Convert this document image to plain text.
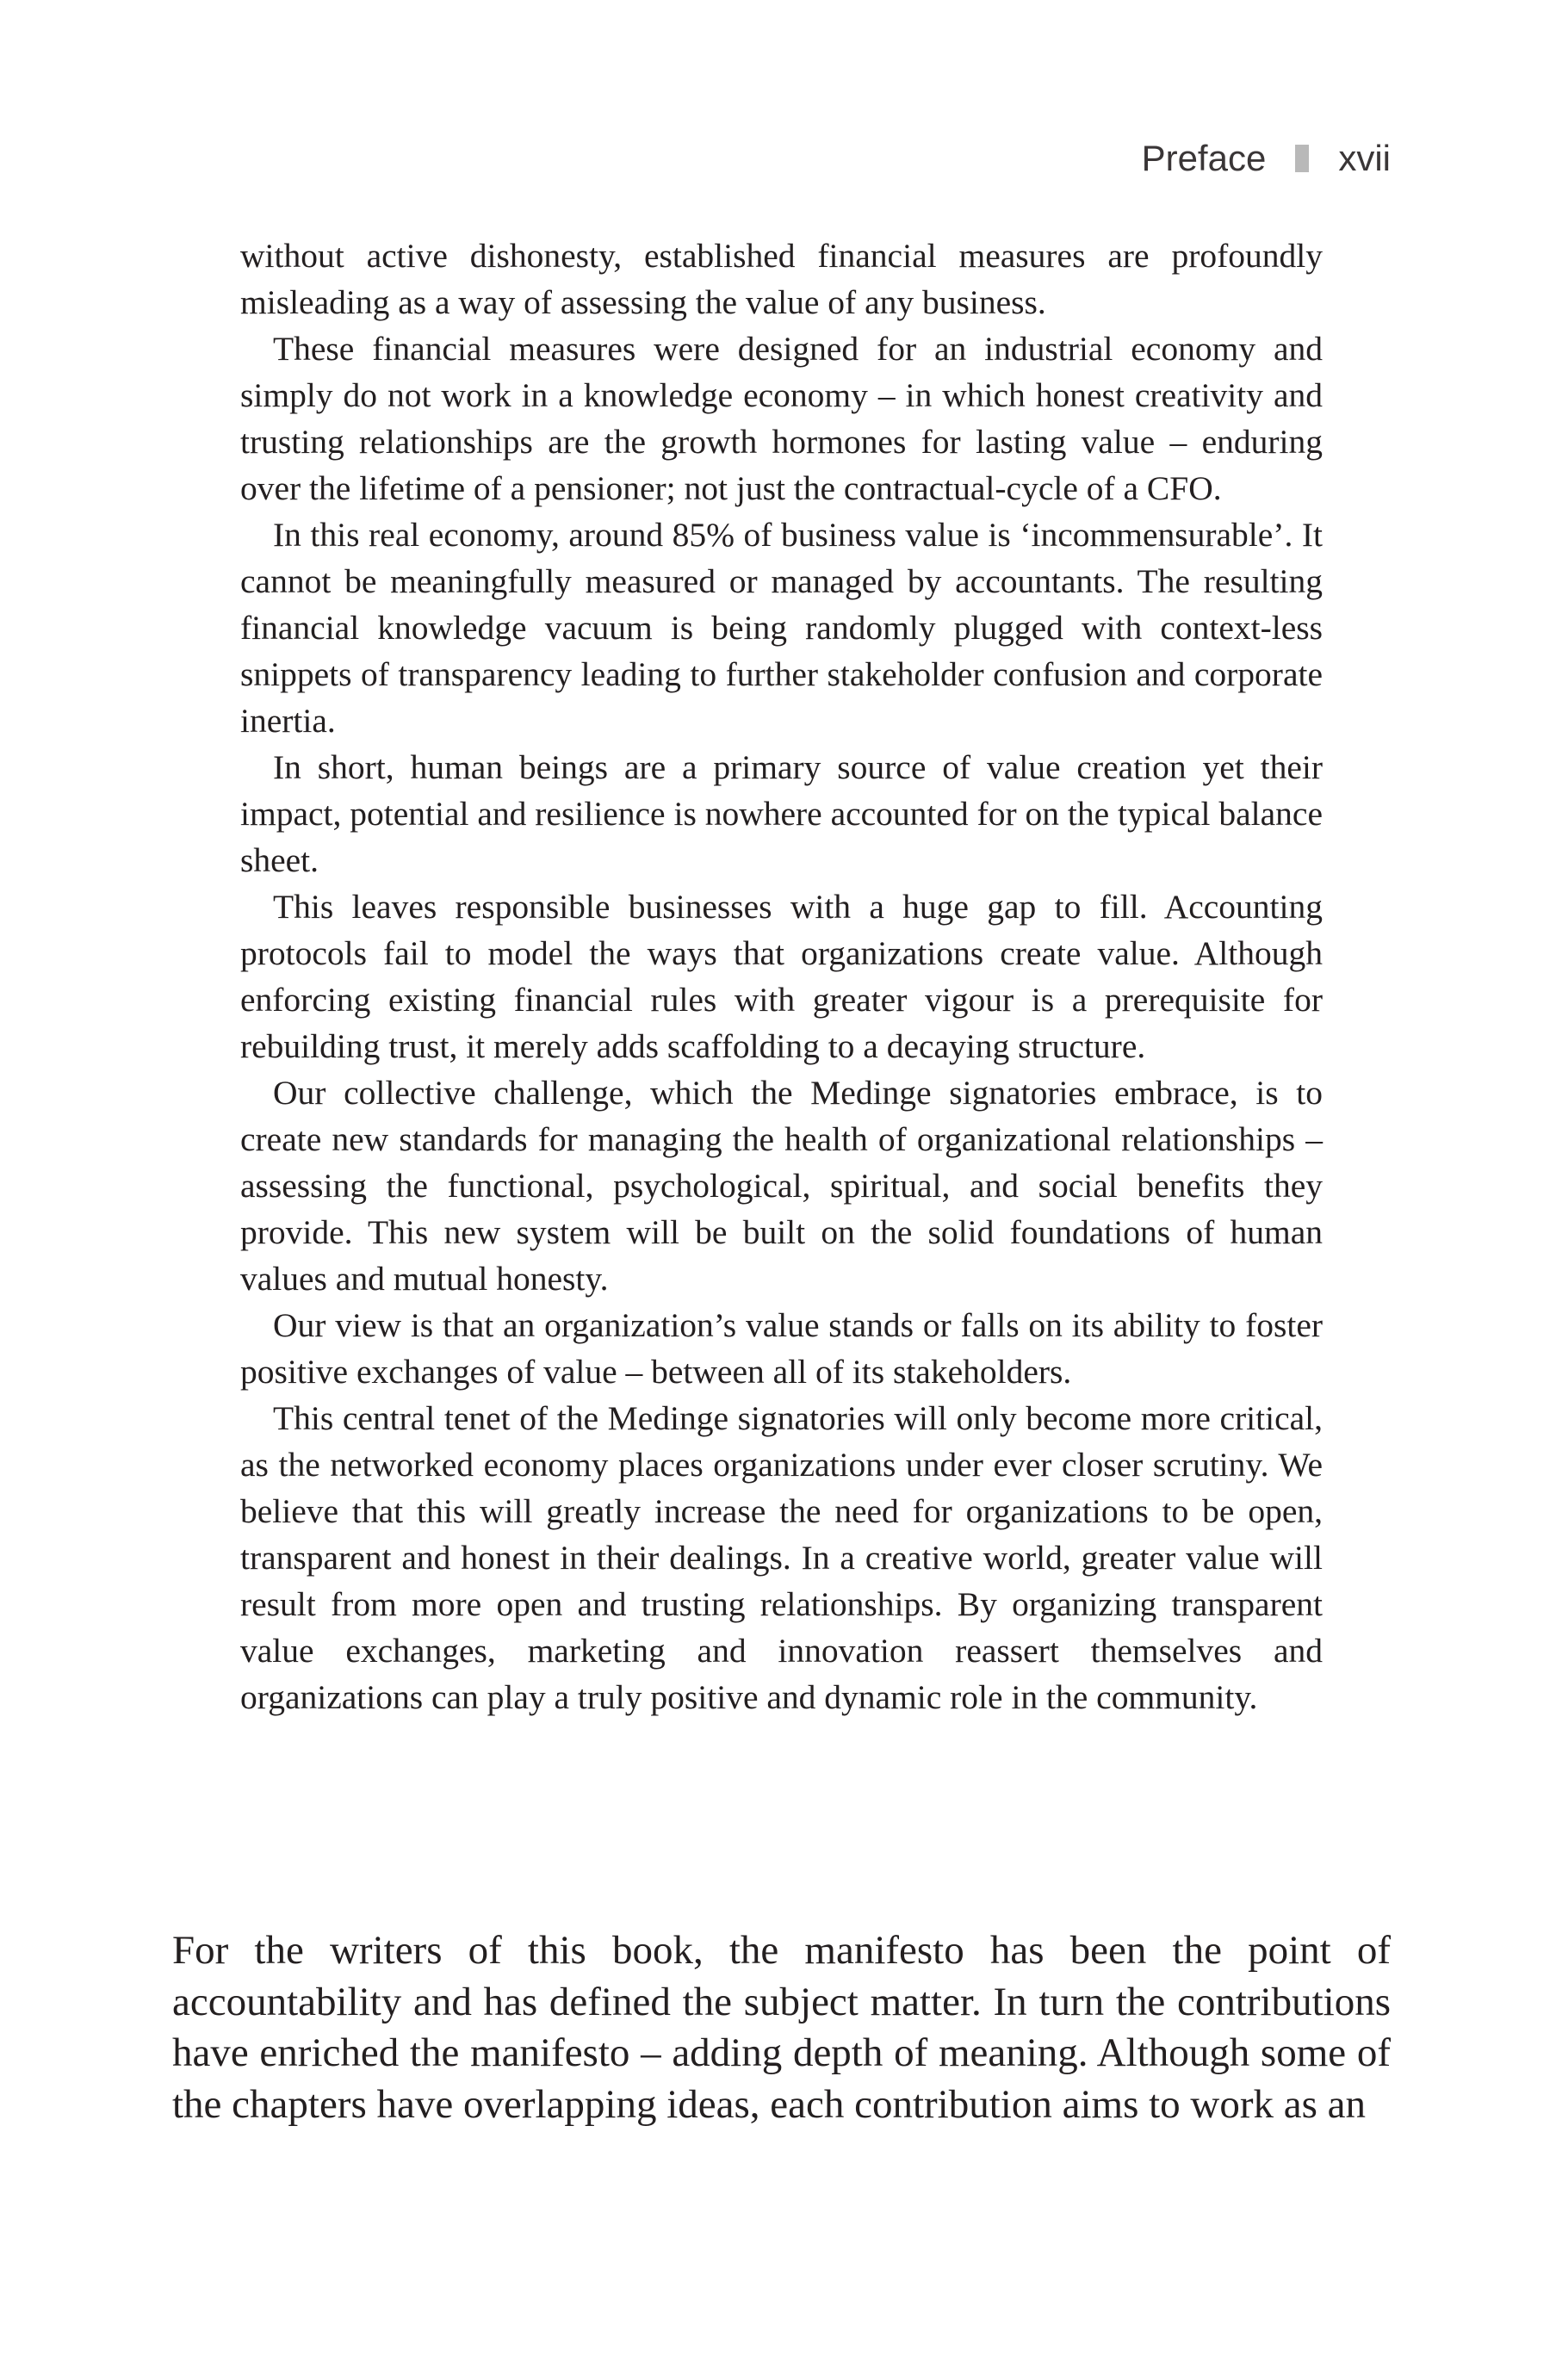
Preface xvii

without active dishonesty, established financial measures are profoundly misleading as a way of assessing the value of any business.

These financial measures were designed for an industrial economy and simply do not work in a knowledge economy – in which honest creativity and trusting relationships are the growth hormones for lasting value – enduring over the lifetime of a pensioner; not just the contractual-cycle of a CFO.

In this real economy, around 85% of business value is ‘incommensurable’. It cannot be meaningfully measured or managed by accountants. The resulting financial knowledge vacuum is being randomly plugged with context-less snippets of transparency leading to further stakeholder confusion and corporate inertia.

In short, human beings are a primary source of value creation yet their impact, potential and resilience is nowhere accounted for on the typical balance sheet.

This leaves responsible businesses with a huge gap to fill. Accounting protocols fail to model the ways that organizations create value. Although enforcing existing financial rules with greater vigour is a prerequisite for rebuilding trust, it merely adds scaffolding to a decaying structure.

Our collective challenge, which the Medinge signatories embrace, is to create new standards for managing the health of organizational relationships – assessing the functional, psychological, spiritual, and social benefits they provide. This new system will be built on the solid foundations of human values and mutual honesty.

Our view is that an organization’s value stands or falls on its ability to foster positive exchanges of value – between all of its stakeholders.

This central tenet of the Medinge signatories will only become more critical, as the networked economy places organizations under ever closer scrutiny. We believe that this will greatly increase the need for organizations to be open, transparent and honest in their dealings. In a creative world, greater value will result from more open and trusting relationships. By organizing transparent value exchanges, marketing and innovation reassert themselves and organizations can play a truly positive and dynamic role in the community.

For the writers of this book, the manifesto has been the point of accountability and has defined the subject matter. In turn the contributions have enriched the manifesto – adding depth of meaning. Although some of the chapters have overlapping ideas, each contribution aims to work as an
